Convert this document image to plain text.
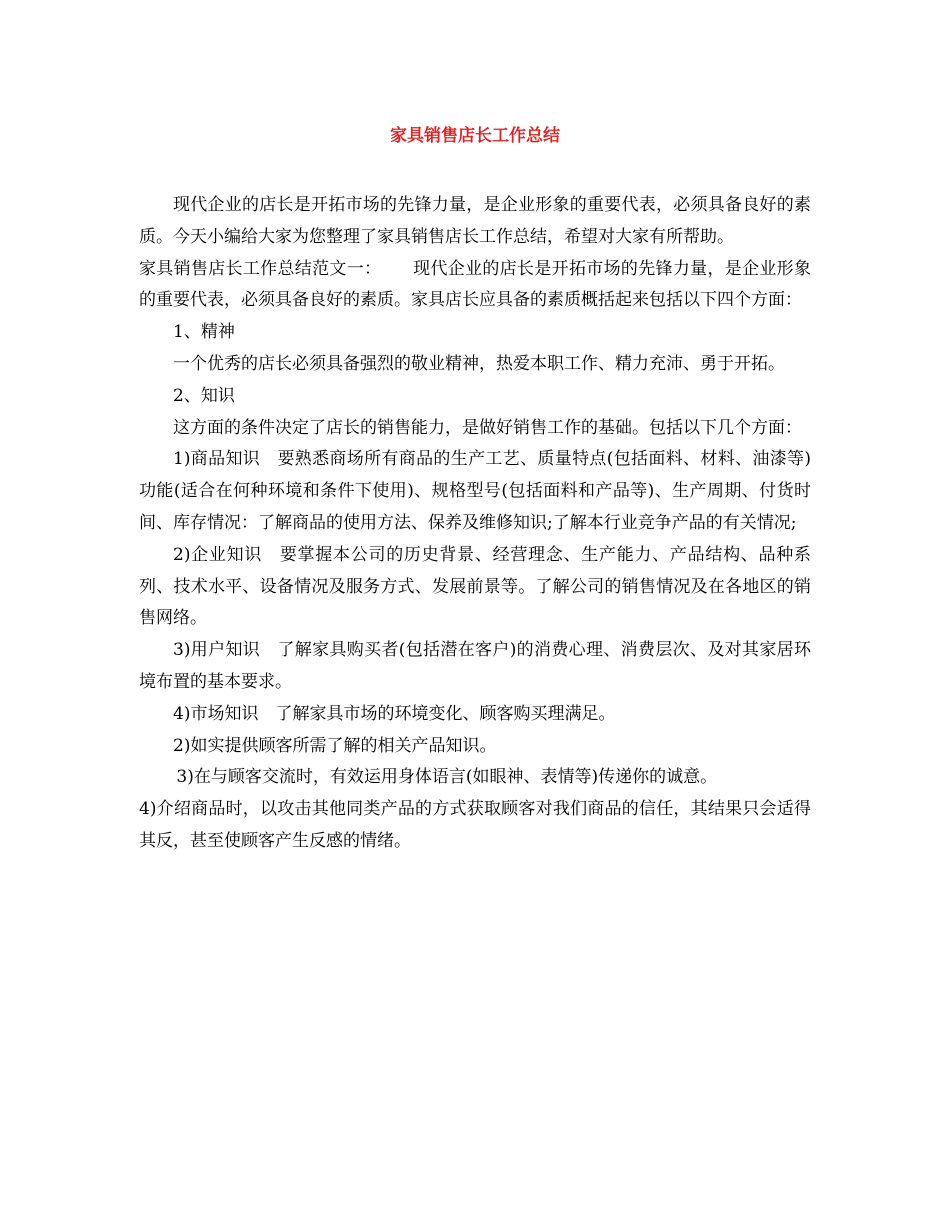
家具销售店长工作总结

现代企业的店长是开拓市场的先锋力量，是企业形象的重要代表，必须具备良好的素质。今天小编给大家为您整理了家具销售店长工作总结，希望对大家有所帮助。

家具销售店长工作总结范文一：　　 现代企业的店长是开拓市场的先锋力量，是企业形象的重要代表，必须具备良好的素质。家具店长应具备的素质概括起来包括以下四个方面：

1、精神

一个优秀的店长必须具备强烈的敬业精神，热爱本职工作、精力充沛、勇于开拓。

2、知识

这方面的条件决定了店长的销售能力，是做好销售工作的基础。包括以下几个方面：

1)商品知识　要熟悉商场所有商品的生产工艺、质量特点(包括面料、材料、油漆等)功能(适合在何种环境和条件下使用)、规格型号(包括面料和产品等)、生产周期、付货时间、库存情况：了解商品的使用方法、保养及维修知识;了解本行业竞争产品的有关情况;

2)企业知识　要掌握本公司的历史背景、经营理念、生产能力、产品结构、品种系列、技术水平、设备情况及服务方式、发展前景等。了解公司的销售情况及在各地区的销售网络。

3)用户知识　了解家具购买者(包括潜在客户)的消费心理、消费层次、及对其家居环境布置的基本要求。

4)市场知识　了解家具市场的环境变化、顾客购买理满足。

2)如实提供顾客所需了解的相关产品知识。

3)在与顾客交流时，有效运用身体语言(如眼神、表情等)传递你的诚意。

4)介绍商品时，以攻击其他同类产品的方式获取顾客对我们商品的信任，其结果只会适得其反，甚至使顾客产生反感的情绪。
